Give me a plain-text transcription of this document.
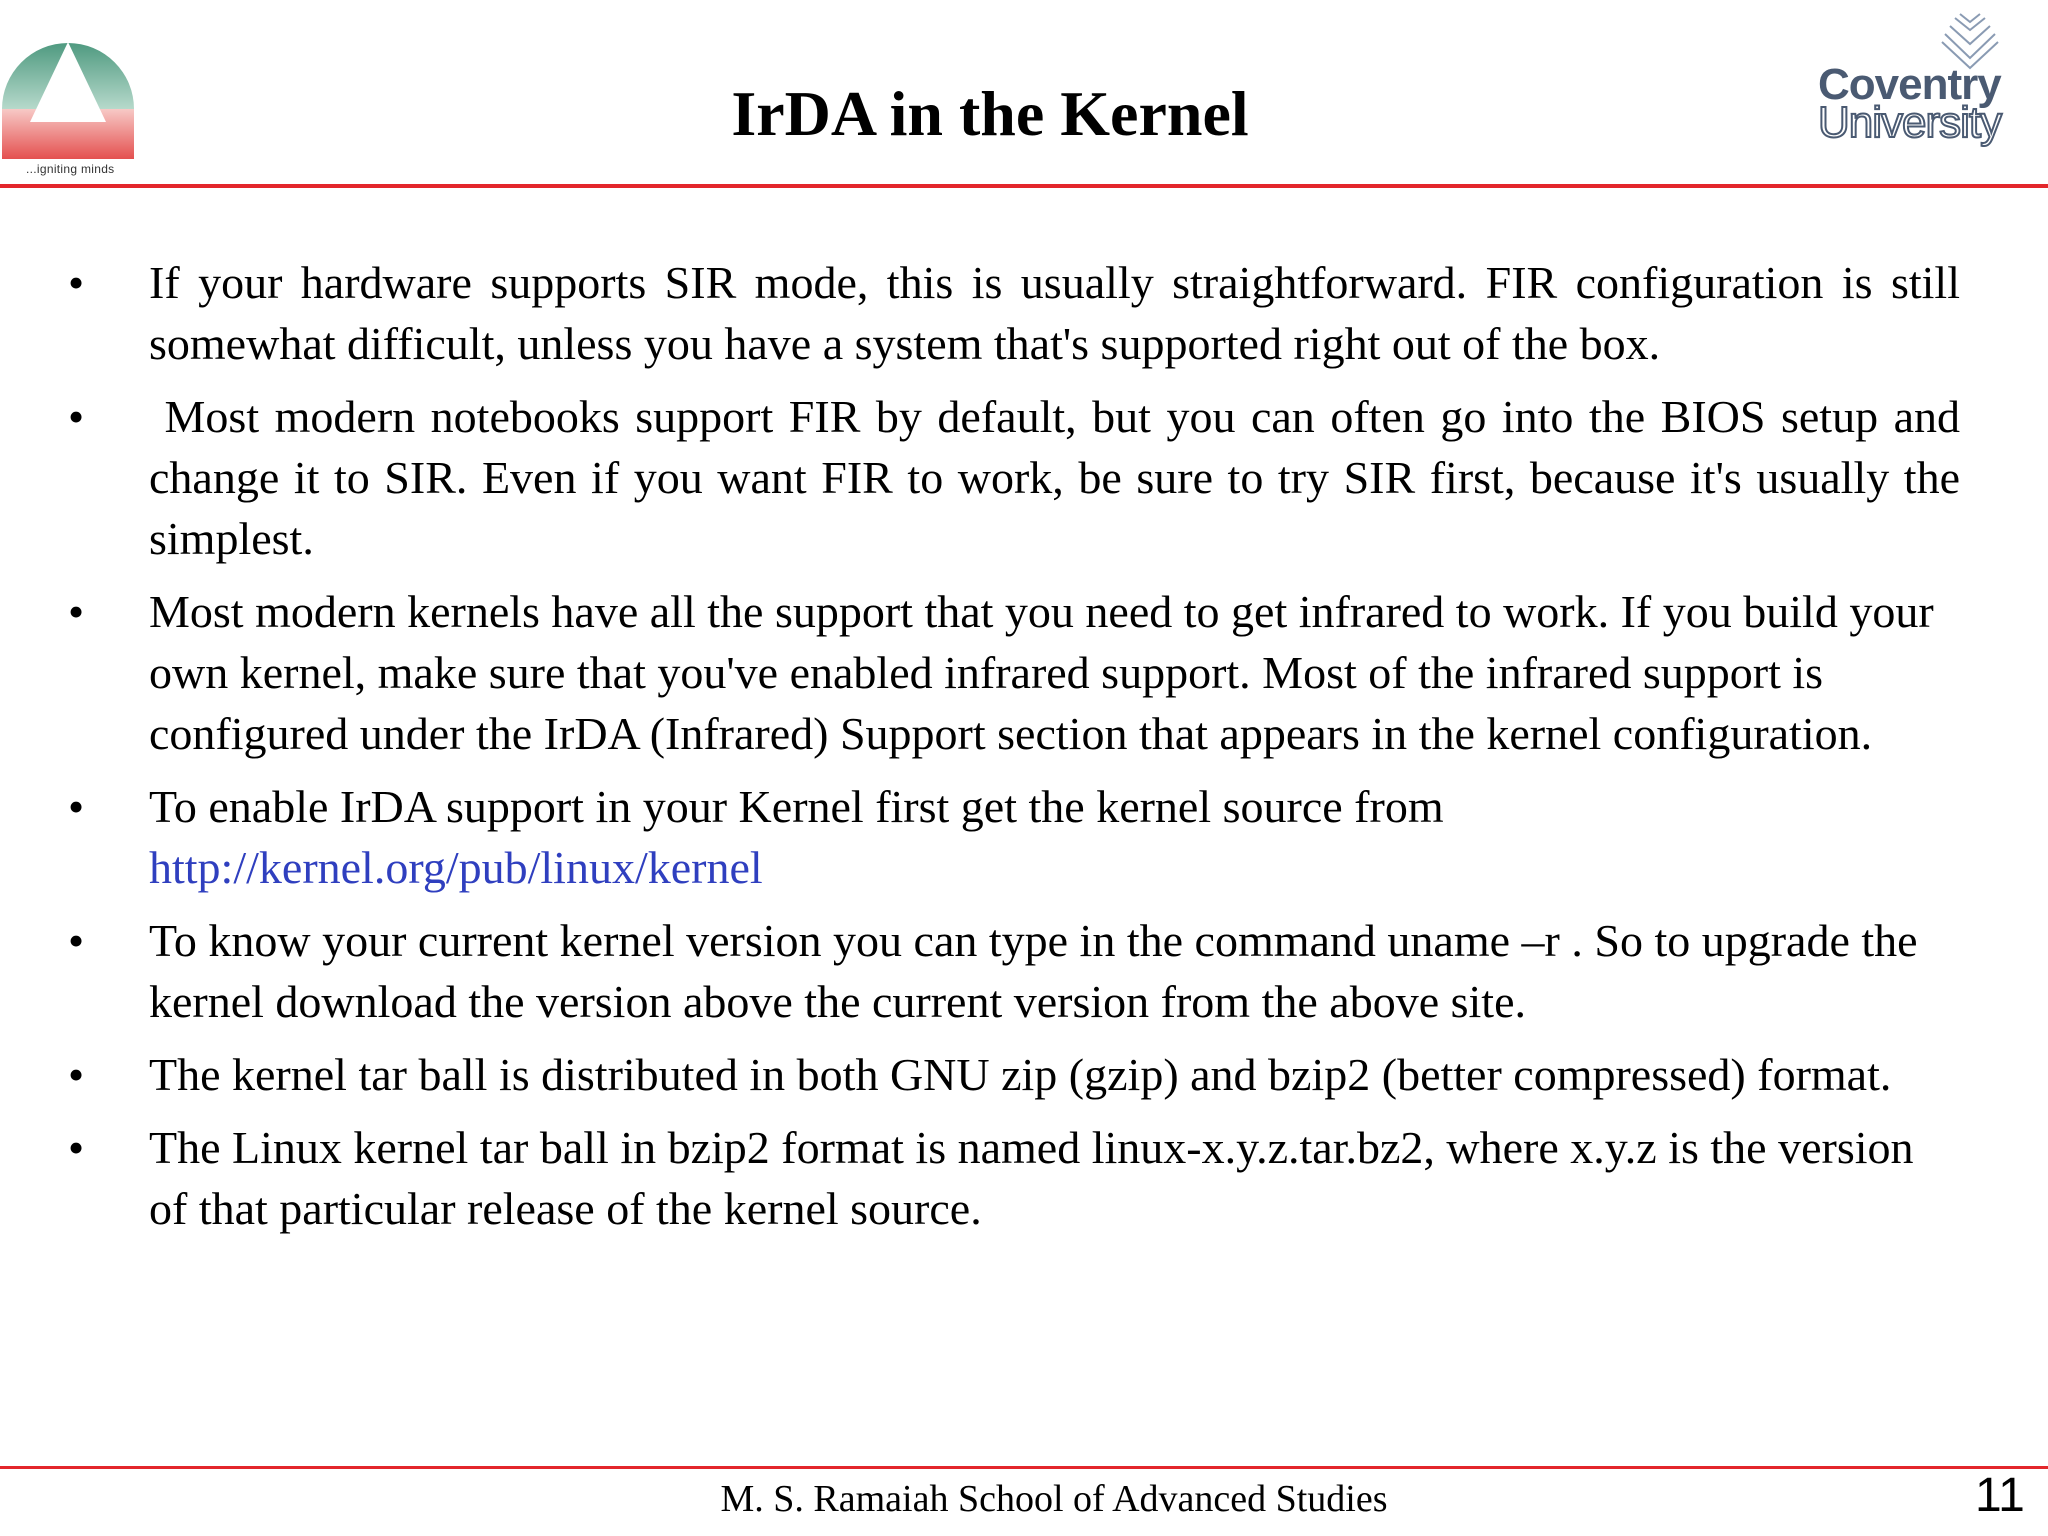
...igniting minds
IrDA in the Kernel	Coventry
University
• If your hardware supports SIR mode, this is usually straightforward. FIR configuration is still somewhat difficult, unless you have a system that's supported right out of the box.
• Most modern notebooks support FIR by default, but you can often go into the BIOS setup and change it to SIR. Even if you want FIR to work, be sure to try SIR first, because it's usually the simplest.
• Most modern kernels have all the support that you need to get infrared to work. If you build your own kernel, make sure that you've enabled infrared support. Most of the infrared support is configured under the IrDA (Infrared) Support section that appears in the kernel configuration.
• To enable IrDA support in your Kernel first get the kernel source from
http://kernel.org/pub/linux/kernel
• To know your current kernel version you can type in the command uname –r . So to upgrade the kernel download the version above the current version from the above site.
• The kernel tar ball is distributed in both GNU zip (gzip) and bzip2 (better compressed) format.
• The Linux kernel tar ball in bzip2 format is named linux-x.y.z.tar.bz2, where x.y.z is the version of that particular release of the kernel source.
M. S. Ramaiah School of Advanced Studies	11
